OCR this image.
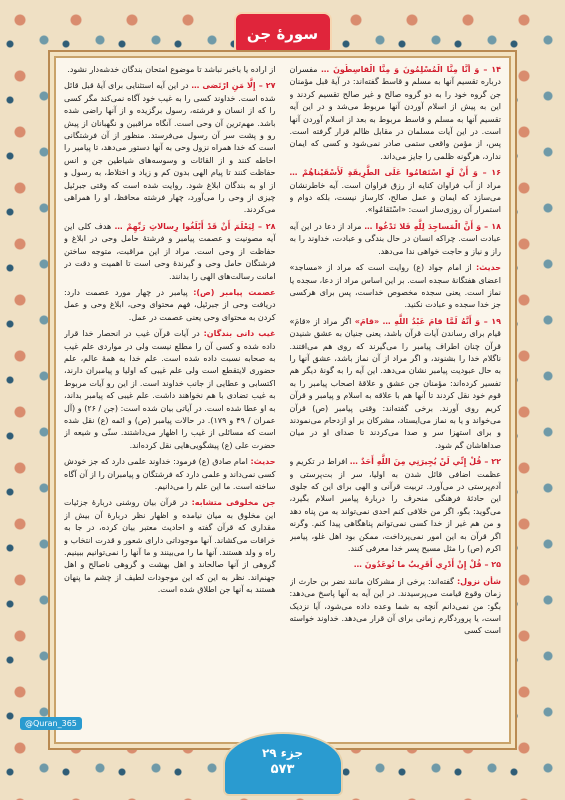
سورهٔ جن

۱۴ – وَ أَنَّا مِنَّا الْمُسْلِمُونَ وَ مِنَّا الْقاسِطُونَ … مفسران درباره تقسیم آنها به مسلم و قاسط گفته‌اند: در آیهٔ قبل مؤمنان جن گروه خود را به دو گروه صالح و غیر صالح تقسیم کردند و این به پیش از اسلام آوردن آنها مربوط می‌شد و در این آیه تقسیم آنها به مسلم و قاسط مربوط به بعد از اسلام آوردن آنها است. در این آیات مسلمان در مقابل ظالم قرار گرفته است. پس، از مؤمن واقعی ستمی صادر نمی‌شود و کسی که ایمان ندارد، هرگونه ظلمی را جایز می‌داند.

۱۶ – وَ أَنْ لَوِ اسْتَقامُوا عَلَى الطَّرِيقَةِ لَأَسْقَيْناهُمْ … مراد از آب فراوان کنایه از رزق فراوان است. آیه خاطرنشان می‌سازد که ایمان و عمل صالح، کارساز نیست، بلکه دوام و استمرار آن روزی‌ساز است: «اسْتَقامُوا».

۱۸ – وَ أَنَّ الْمَساجِدَ لِلَّهِ فَلا تَدْعُوا … مراد از دعا در این آیه عبادت است. چراکه انسان در حال بندگی و عبادت، خداوند را به راز و نیاز و حاجت خواهی ندا می‌دهد.

حدیث: از امام جواد (ع) روایت است که مراد از «مساجد» اعضای هفتگانهٔ سجده است. بر این اساس مراد از دعا، سجده یا نماز است. یعنی سجده مخصوص خداست، پس برای هرکسی جز خدا سجده و عبادت نکنید.

۱۹ – وَ أَنَّهُ لَمَّا قامَ عَبْدُ اللَّهِ … «قامَ» اگر مراد از «قامَ» قیام برای رساندن آیات قرآن باشد، یعنی جنیان به عشق شنیدن قرآن چنان اطراف پیامبر را می‌گیرند که روی هم می‌افتند. ناگلام خدا را بشنوند، و اگر مراد از آن نماز باشد، عشق آنها را به حال عبودیت پیامبر نشان می‌دهد. این آیه را به گونهٔ دیگر هم تفسیر کرده‌اند: مؤمنان جن عشق و علاقهٔ اصحاب پیامبر را به قوم خود نقل کردند تا آنها هم با علاقه به اسلام و پیامبر و قرآن کریم روی آورند. برخی گفته‌اند: وقتی پیامبر (ص) قرآن می‌خواند و یا به نماز می‌ایستاد، مشرکان بر او ازدحام می‌نمودند و برای استهزا سر و صدا می‌کردند تا صدای او در میان صداهاشان گم شود.

۲۲ – قُلْ إِنِّي لَنْ يُجِيرَنِي مِنَ اللَّهِ أَحَدٌ … افراط در تکریم و عظمت اضافی قائل شدن به اولیا، سر از بت‌پرستی و آدم‌پرستی در می‌آورد. تربیت قرآنی و الهی برای این که جلوی این حادثهٔ فرهنگی منحرف را دربارهٔ پیامبر اسلام بگیرد، می‌گوید: بگو، اگر من خلافی کنم احدی نمی‌تواند به من پناه دهد و من هم غیر از خدا کسی نمی‌توانم پناهگاهی پیدا کنم. وگرنه اگر قرآن به این امور نمی‌پرداخت، ممکن بود اهل غلو، پیامبر اکرم (ص) را مثل مسیح پسر خدا معرفی کنند.

۲۵ – قُلْ إِنْ أَدْرِي أَقَرِيبٌ ما تُوعَدُونَ …

شأن نزول: گفته‌اند: برخی از مشرکان مانند نضر بن حارث از زمان وقوع قیامت می‌پرسیدند. در این آیه به آنها پاسخ می‌دهد: بگو: من نمی‌دانم آنچه به شما وعده داده می‌شود، آیا نزدیک است، یا پروردگارم زمانی برای آن قرار می‌دهد. خداوند خواسته است کسی

از اراده یا باخبر نباشد تا موضوع امتحان بندگان خدشه‌دار نشود.

۲۷ – إِلَّا مَنِ ارْتَضى … در این آیه استثنایی برای آیهٔ قبل قائل شده است. خداوند کسی را به غیب خود آگاه نمی‌کند مگر کسی را که از انسان و فرشته، رسول برگزیده و از آنها راضی شده باشد. مهم‌ترین آن وحی است. آنگاه مراقبین و نگهبانان از پیش رو و پشت سر آن رسول می‌فرستد. منظور از آن فرشتگانی است که خدا همراه نزول وحی به آنها دستور می‌دهد، تا پیامبر را احاطه کنند و از القائات و وسوسه‌های شیاطین جن و انس حفاظت کنند تا پیام الهی بدون کم و زیاد و اختلاط، به رسول و از او به بندگان ابلاغ شود. روایت شده است که وقتی جبرئیل چیزی از وحی را می‌آورد، چهار فرشته محافظ، او را همراهی می‌کردند.

۲۸ – لِيَعْلَمَ أَنْ قَدْ أَبْلَغُوا رِسالاتِ رَبِّهِمْ … هدف کلی این آیه مصونیت و عصمت پیامبر و فرشتهٔ حامل وحی در ابلاغ و حفاظت از وحی است. مراد از این مراقبت، متوجه ساختن فرشتگان حامل وحی و گیرندهٔ وحی است تا اهمیت و دقت در امانت رسالت‌های الهی را بدانند.

عصمت پیامبر (ص): پیامبر در چهار مورد عصمت دارد: دریافت وحی از جبرئیل، فهم محتوای وحی، ابلاغ وحی و عمل کردن به محتوای وحی یعنی عصمت در عمل.

غیب دانی بندگان: در آیات قرآن غیب در انحصار خدا قرار داده شده و کسی آن را مطلع نیست ولی در مواردی علم غیب به صحابه نسبت داده شده است. علم خدا به همهٔ عالم، علم حضوری لایتقطع است ولی علم غیبی که اولیا و پیامبران دارند، اکتسابی و عطایی از جانب خداوند است. از این رو آیات مربوط به غیب تضادی با هم نخواهند داشت. علم غیبی که پیامبر بداند، به او عطا شده است. در آیاتی بیان شده است: (جن / ۲۶) و (آل عمران / ۴۹ و ۱۷۹). در حالات پیامبر (ص) و ائمه (ع) نقل شده است که مسائلی از غیب را اظهار می‌داشتند. سنّی و شیعه از حضرت علی (ع) پیشگویی‌هایی نقل کرده‌اند.

حدیث: امام صادق (ع) فرمود: خداوند علمی دارد که جز خودش کسی نمی‌داند و علمی دارد که فرشتگان و پیامبران را از آن آگاه ساخته است. ما این علم را می‌دانیم.

جن مخلوقی متشابه: در قرآن بیان روشنی دربارهٔ جزئیات این مخلوق به میان نیامده و اظهار نظر دربارهٔ آن بیش از مقداری که قرآن گفته و احادیث معتبر بیان کرده، در جا به خرافات می‌کشاند. آنها موجوداتی دارای شعور و قدرت انتخاب و راه و ولد هستند. آنها ما را می‌بینند و ما آنها را نمی‌توانیم ببینیم. گروهی از آنها صالحاند و اهل بهشت و گروهی ناصالح و اهل جهنم‌اند. نظر به این که این موجودات لطیف از چشم ما پنهان هستند به آنها جن اطلاق شده است.

@Quran_365
جزء ۲۹
۵۷۳
